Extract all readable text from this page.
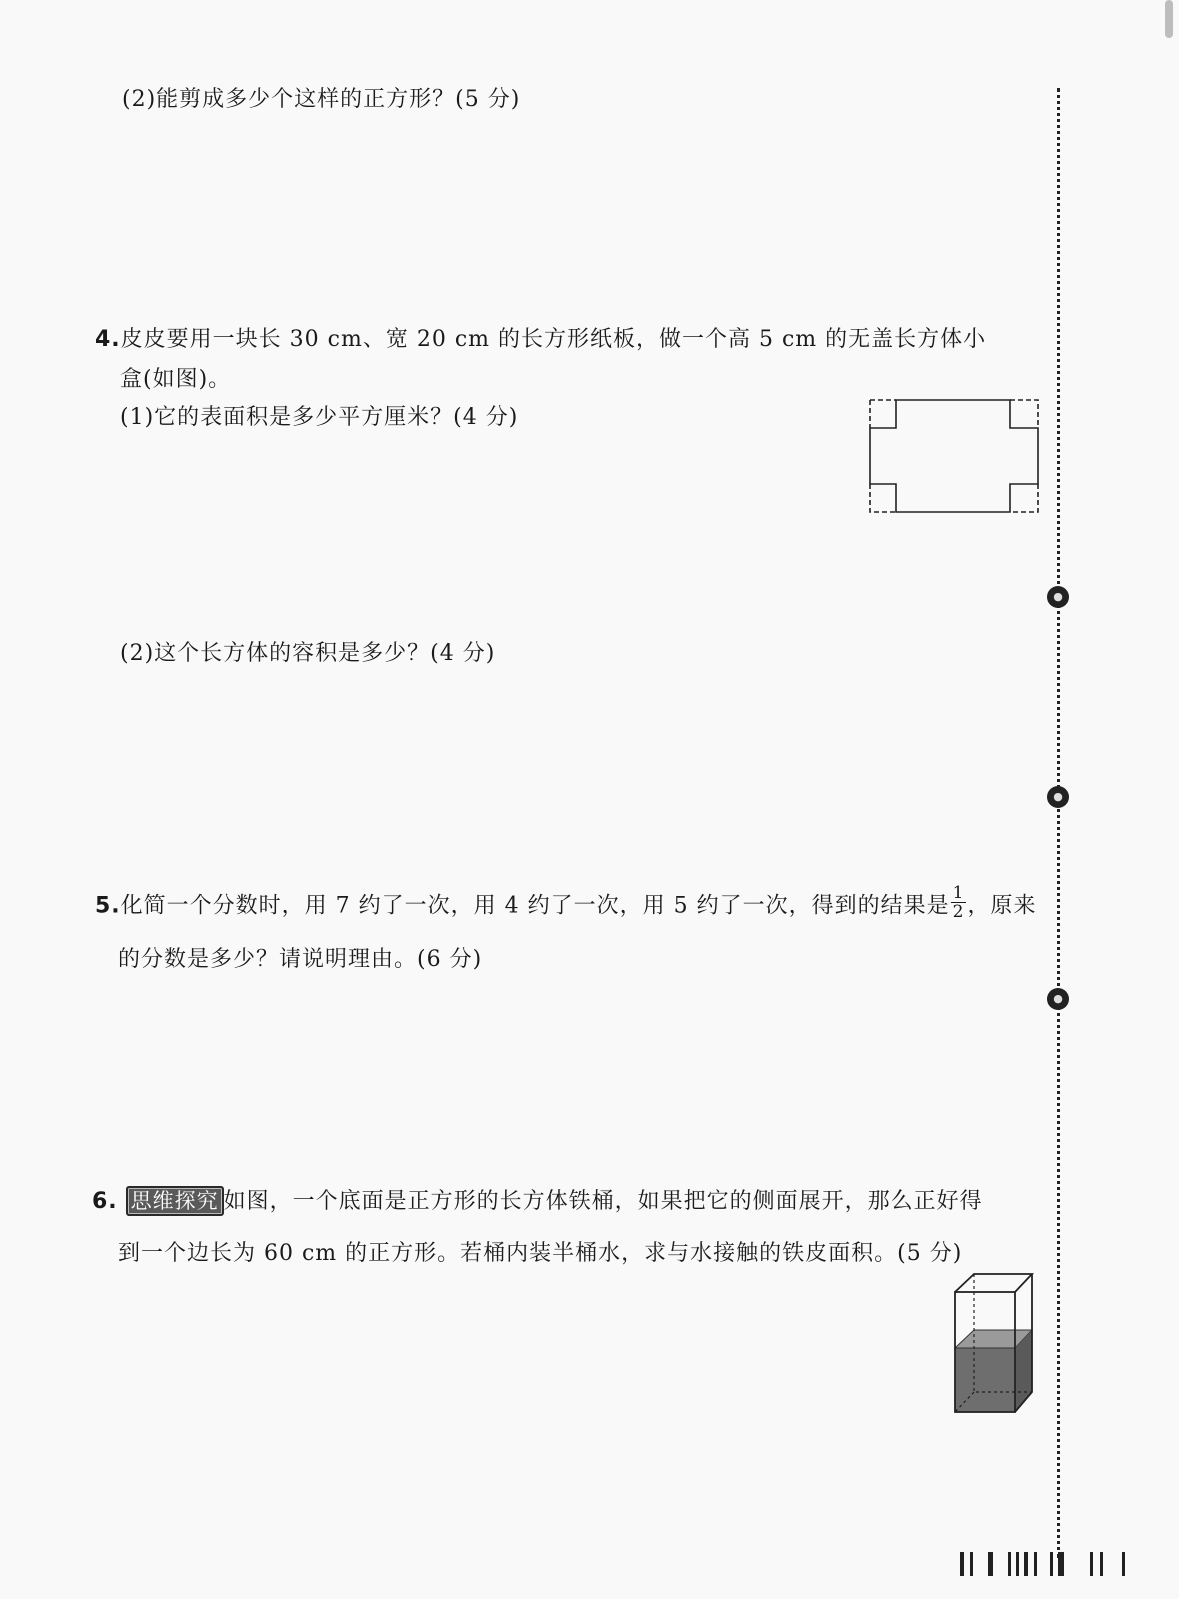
●
●
●
(2)能剪成多少个这样的正方形？(5 分)
4.皮皮要用一块长 30 cm、宽 20 cm 的长方形纸板，做一个高 5 cm 的无盖长方体小
盒(如图)。
(1)它的表面积是多少平方厘米？(4 分)
(2)这个长方体的容积是多少？(4 分)
5.化简一个分数时，用 7 约了一次，用 4 约了一次，用 5 约了一次，得到的结果是 $\frac{1}{2}$ ，原来
的分数是多少？请说明理由。(6 分)
6. 思维探究 如图，一个底面是正方形的长方体铁桶，如果把它的侧面展开，那么正好得
到一个边长为 60 cm 的正方形。若桶内装半桶水，求与水接触的铁皮面积。(5 分)
